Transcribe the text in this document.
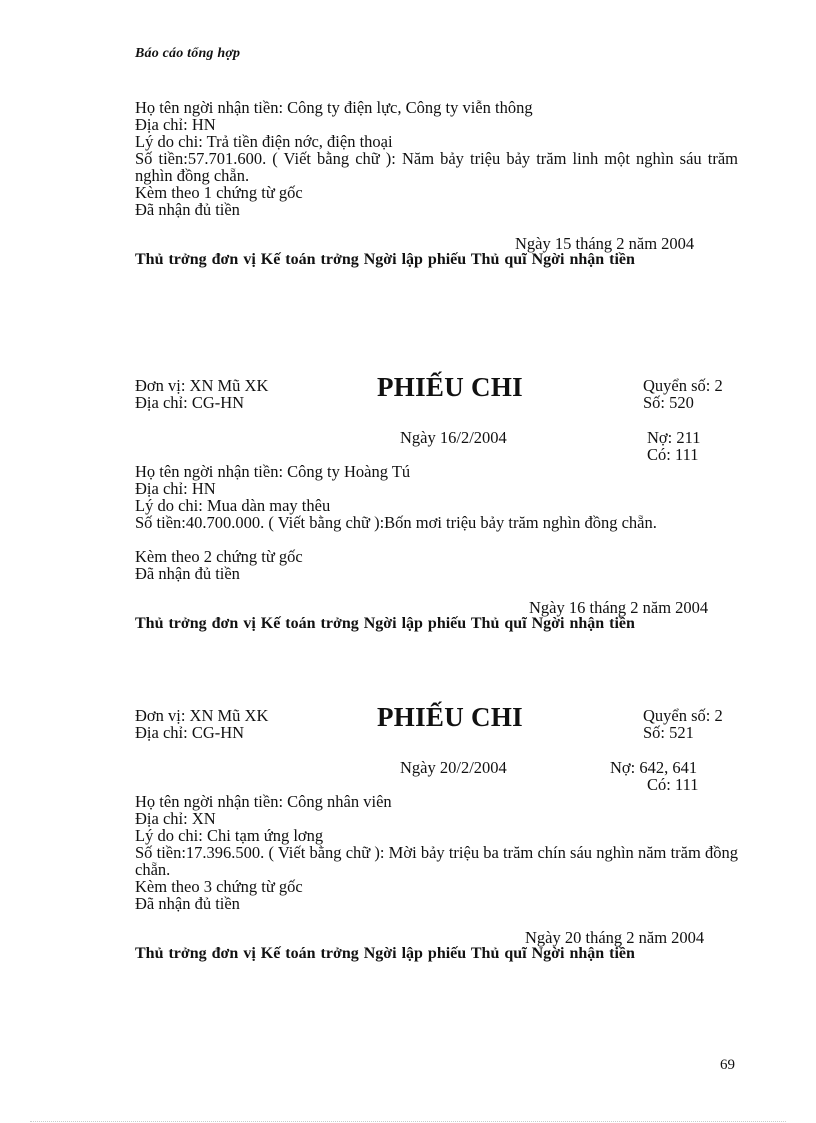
Báo cáo tổng hợp
Họ tên ngời nhận tiền: Công ty điện lực, Công ty viễn thông
Địa chỉ: HN
Lý do chi: Trả tiền điện nớc, điện thoại
Số tiền:57.701.600. ( Viết bằng chữ ): Năm bảy triệu bảy trăm linh một nghìn sáu trăm nghìn đồng chẵn.
Kèm theo 1 chứng từ gốc
Đã nhận đủ tiền
Ngày 15 tháng 2 năm 2004
Thủ trởng đơn vị Kế toán trởng Ngời lập phiếu Thủ quĩ Ngời nhận tiền
Đơn vị: XN Mũ XK
Địa chỉ: CG-HN
PHIẾU CHI	Quyển số: 2
Số: 520
Ngày 16/2/2004	Nợ: 211
Có: 111
Họ tên ngời nhận tiền: Công ty Hoàng Tú
Địa chỉ: HN
Lý do chi: Mua dàn may thêu
Số tiền:40.700.000. ( Viết bằng chữ ):Bốn mơi triệu bảy trăm nghìn đồng chẵn.
Kèm theo 2 chứng từ gốc
Đã nhận đủ tiền
Ngày 16 tháng 2 năm 2004
Thủ trởng đơn vị Kế toán trởng Ngời lập phiếu Thủ quĩ Ngời nhận tiền
Đơn vị: XN Mũ XK
Địa chỉ: CG-HN
PHIẾU CHI	Quyển số: 2
Số: 521
Ngày 20/2/2004	Nợ: 642, 641
Có: 111
Họ tên ngời nhận tiền: Công nhân viên
Địa chỉ: XN
Lý do chi: Chi tạm ứng lơng
Số tiền:17.396.500. ( Viết bằng chữ ): Mời bảy triệu ba trăm chín sáu nghìn năm trăm đồng chẵn.
Kèm theo 3 chứng từ gốc
Đã nhận đủ tiền
Ngày 20 tháng 2 năm 2004
Thủ trởng đơn vị Kế toán trởng Ngời lập phiếu Thủ quĩ Ngời nhận tiền
69
